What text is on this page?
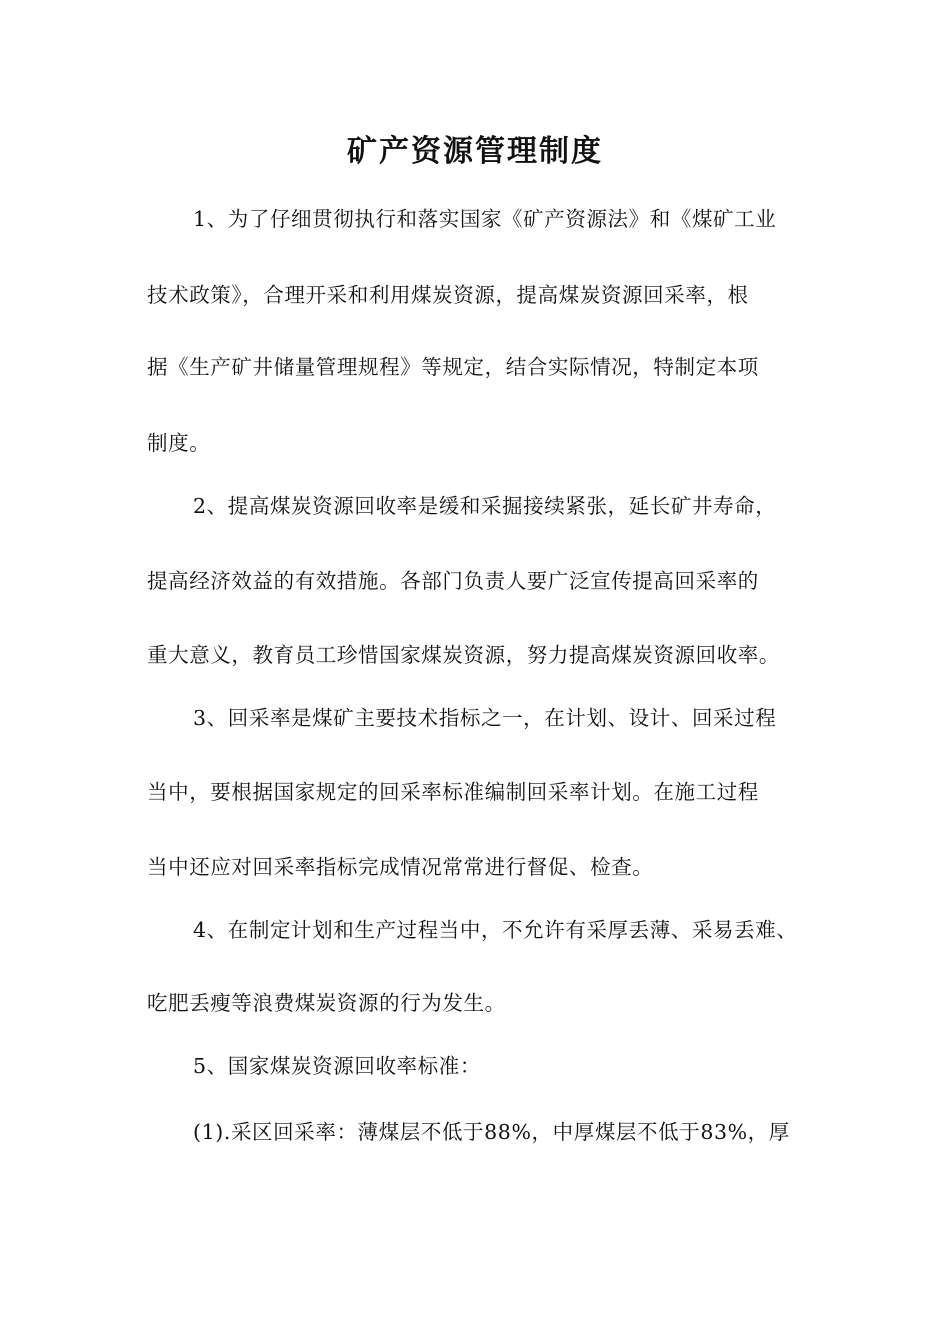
矿产资源管理制度

1、为了仔细贯彻执行和落实国家《矿产资源法》和《煤矿工业

技术政策》，合理开采和利用煤炭资源，提高煤炭资源回采率，根

据《生产矿井储量管理规程》等规定，结合实际情况，特制定本项

制度。

2、提高煤炭资源回收率是缓和采掘接续紧张，延长矿井寿命，

提高经济效益的有效措施。各部门负责人要广泛宣传提高回采率的

重大意义，教育员工珍惜国家煤炭资源，努力提高煤炭资源回收率。

3、回采率是煤矿主要技术指标之一，在计划、设计、回采过程

当中，要根据国家规定的回采率标准编制回采率计划。在施工过程

当中还应对回采率指标完成情况常常进行督促、检查。

4、在制定计划和生产过程当中，不允许有采厚丢薄、采易丢难、

吃肥丢瘦等浪费煤炭资源的行为发生。

5、国家煤炭资源回收率标准：

(1).采区回采率：薄煤层不低于88%，中厚煤层不低于83%，厚
